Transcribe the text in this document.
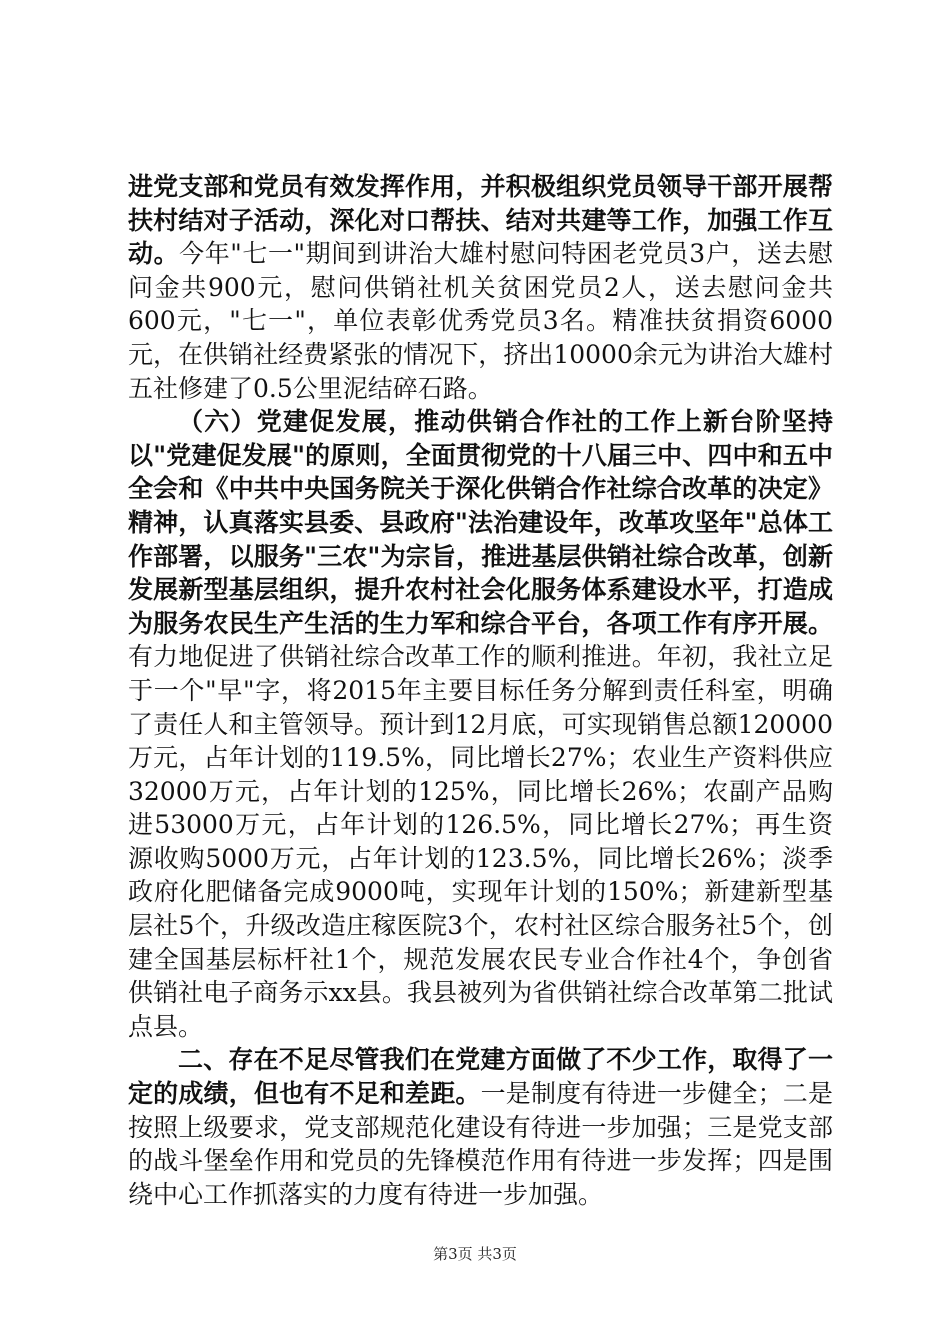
进党支部和党员有效发挥作用，并积极组织党员领导干部开展帮扶村结对子活动，深化对口帮扶、结对共建等工作，加强工作互动。今年"七一"期间到讲治大雄村慰问特困老党员3户，送去慰问金共900元，慰问供销社机关贫困党员2人，送去慰问金共600元，"七一"，单位表彰优秀党员3名。精准扶贫捐资6000元，在供销社经费紧张的情况下，挤出10000余元为讲治大雄村五社修建了0.5公里泥结碎石路。

（六）党建促发展，推动供销合作社的工作上新台阶坚持以"党建促发展"的原则，全面贯彻党的十八届三中、四中和五中全会和《中共中央国务院关于深化供销合作社综合改革的决定》精神，认真落实县委、县政府"法治建设年，改革攻坚年"总体工作部署，以服务"三农"为宗旨，推进基层供销社综合改革，创新发展新型基层组织，提升农村社会化服务体系建设水平，打造成为服务农民生产生活的生力军和综合平台，各项工作有序开展。有力地促进了供销社综合改革工作的顺利推进。年初，我社立足于一个"早"字，将2015年主要目标任务分解到责任科室，明确了责任人和主管领导。预计到12月底，可实现销售总额120000万元，占年计划的119.5%，同比增长27%；农业生产资料供应32000万元，占年计划的125%，同比增长26%；农副产品购进53000万元，占年计划的126.5%，同比增长27%；再生资源收购5000万元，占年计划的123.5%，同比增长26%；淡季政府化肥储备完成9000吨，实现年计划的150%；新建新型基层社5个，升级改造庄稼医院3个，农村社区综合服务社5个，创建全国基层标杆社1个，规范发展农民专业合作社4个，争创省供销社电子商务示xx县。我县被列为省供销社综合改革第二批试点县。

二、存在不足尽管我们在党建方面做了不少工作，取得了一定的成绩，但也有不足和差距。一是制度有待进一步健全；二是按照上级要求，党支部规范化建设有待进一步加强；三是党支部的战斗堡垒作用和党员的先锋模范作用有待进一步发挥；四是围绕中心工作抓落实的力度有待进一步加强。

第3页 共3页
